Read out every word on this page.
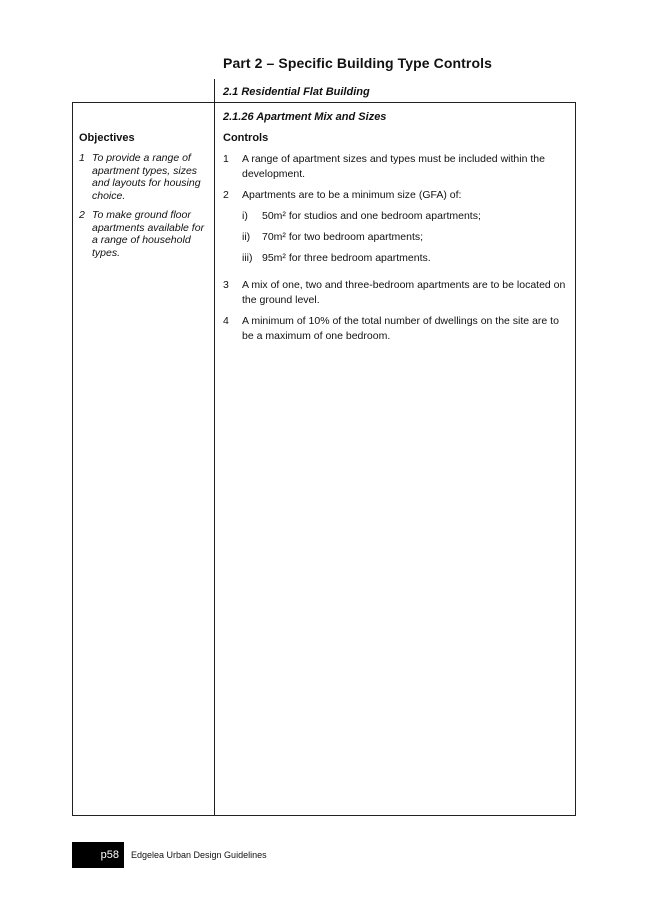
Part 2 – Specific Building Type Controls
2.1 Residential Flat Building
Objectives
1 To provide a range of apartment types, sizes and layouts for housing choice.
2 To make ground floor apartments available for a range of household types.
2.1.26 Apartment Mix and Sizes
Controls
1	A range of apartment sizes and types must be included within the development.
2	Apartments are to be a minimum size (GFA) of:
i)	50m² for studios and one bedroom apartments;
ii)	70m² for two bedroom apartments;
iii) 95m² for three bedroom apartments.
3	A mix of one, two and three-bedroom apartments are to be located on the ground level.
4	A minimum of 10% of the total number of dwellings on the site are to be a maximum of one bedroom.
p58	Edgelea Urban Design Guidelines
